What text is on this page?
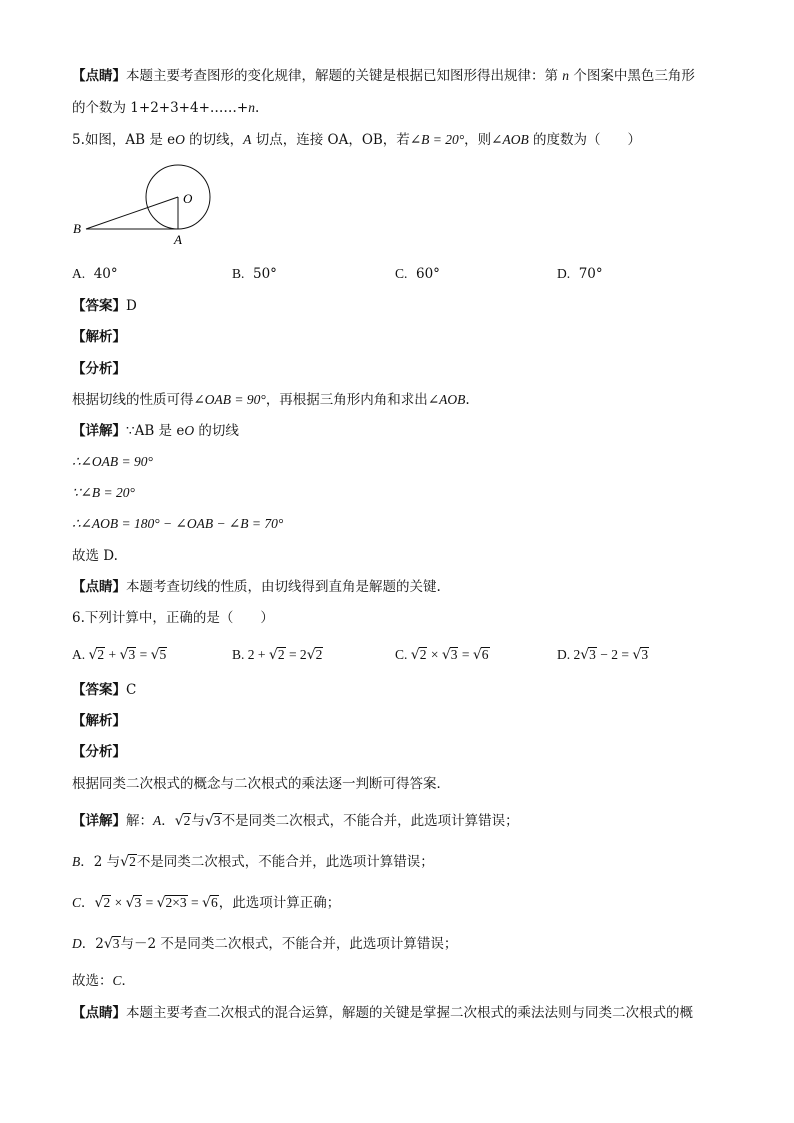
【点睛】本题主要考查图形的变化规律，解题的关键是根据已知图形得出规律：第 n 个图案中黑色三角形
的个数为 1+2+3+4+……+n.
5.如图，AB 是 eO 的切线，A 切点，连接 OA，OB，若∠B = 20°，则∠AOB 的度数为（　　）
O
B
A
A. 40°	B. 50°	C. 60°	D. 70°
【答案】D
【解析】
【分析】
根据切线的性质可得∠OAB = 90°，再根据三角形内角和求出∠AOB.
【详解】∵AB 是 eO 的切线
∴∠OAB = 90°
∵∠B = 20°
∴∠AOB = 180° − ∠OAB − ∠B = 70°
故选 D.
【点睛】本题考查切线的性质，由切线得到直角是解题的关键.
6.下列计算中，正确的是（　　）
A. √2 + √3 = √5	B. 2 + √2 = 2√2	C. √2 × √3 = √6	D. 2√3 − 2 = √3
【答案】C
【解析】
【分析】
根据同类二次根式的概念与二次根式的乘法逐一判断可得答案．
【详解】解：A．√2与√3不是同类二次根式，不能合并，此选项计算错误；
B．2 与√2不是同类二次根式，不能合并，此选项计算错误；
C．√2 × √3 = √2×3 = √6，此选项计算正确；
D．2√3与－2 不是同类二次根式，不能合并，此选项计算错误；
故选：C．
【点睛】本题主要考查二次根式的混合运算，解题的关键是掌握二次根式的乘法法则与同类二次根式的概
